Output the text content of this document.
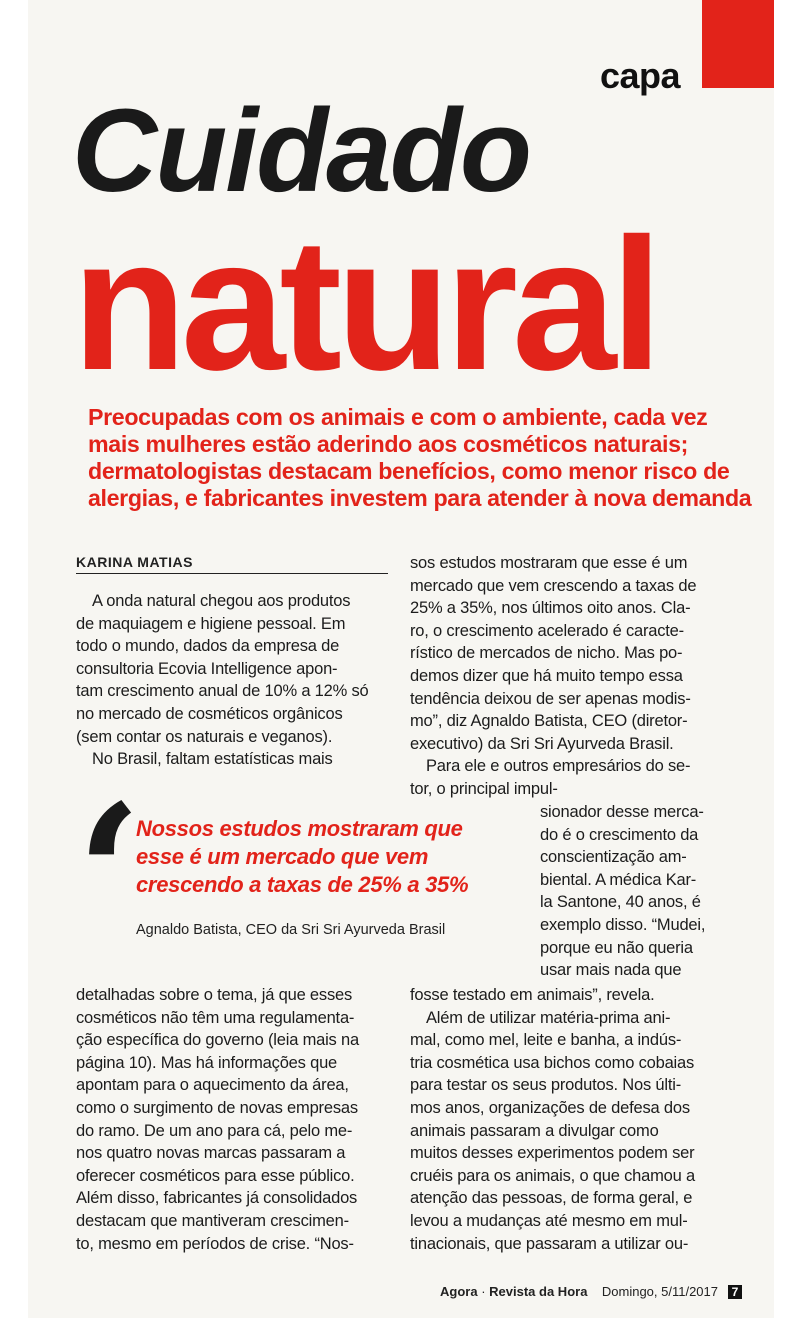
capa
Cuidado
natural
Preocupadas com os animais e com o ambiente, cada vez
mais mulheres estão aderindo aos cosméticos naturais;
dermatologistas destacam benefícios, como menor risco de
alergias, e fabricantes investem para atender à nova demanda
KARINA MATIAS
A onda natural chegou aos produtos
de maquiagem e higiene pessoal. Em
todo o mundo, dados da empresa de
consultoria Ecovia Intelligence apon-
tam crescimento anual de 10% a 12% só
no mercado de cosméticos orgânicos
(sem contar os naturais e veganos).
No Brasil, faltam estatísticas mais
sos estudos mostraram que esse é um
mercado que vem crescendo a taxas de
25% a 35%, nos últimos oito anos. Cla-
ro, o crescimento acelerado é caracte-
rístico de mercados de nicho. Mas po-
demos dizer que há muito tempo essa
tendência deixou de ser apenas modis-
mo”, diz Agnaldo Batista, CEO (diretor-
executivo) da Sri Sri Ayurveda Brasil.
Para ele e outros empresários do se-
tor, o principal impul-
sionador desse merca-
do é o crescimento da
conscientização am-
biental. A médica Kar-
la Santone, 40 anos, é
exemplo disso. “Mudei,
porque eu não queria
usar mais nada que
‘
Nossos estudos mostraram que
esse é um mercado que vem
crescendo a taxas de 25% a 35%
Agnaldo Batista, CEO da Sri Sri Ayurveda Brasil
detalhadas sobre o tema, já que esses
cosméticos não têm uma regulamenta-
ção específica do governo (leia mais na
página 10). Mas há informações que
apontam para o aquecimento da área,
como o surgimento de novas empresas
do ramo. De um ano para cá, pelo me-
nos quatro novas marcas passaram a
oferecer cosméticos para esse público.
Além disso, fabricantes já consolidados
destacam que mantiveram crescimen-
to, mesmo em períodos de crise. “Nos-
fosse testado em animais”, revela.
Além de utilizar matéria-prima ani-
mal, como mel, leite e banha, a indús-
tria cosmética usa bichos como cobaias
para testar os seus produtos. Nos últi-
mos anos, organizações de defesa dos
animais passaram a divulgar como
muitos desses experimentos podem ser
cruéis para os animais, o que chamou a
atenção das pessoas, de forma geral, e
levou a mudanças até mesmo em mul-
tinacionais, que passaram a utilizar ou-
Agora · Revista da Hora Domingo, 5/11/2017 7
